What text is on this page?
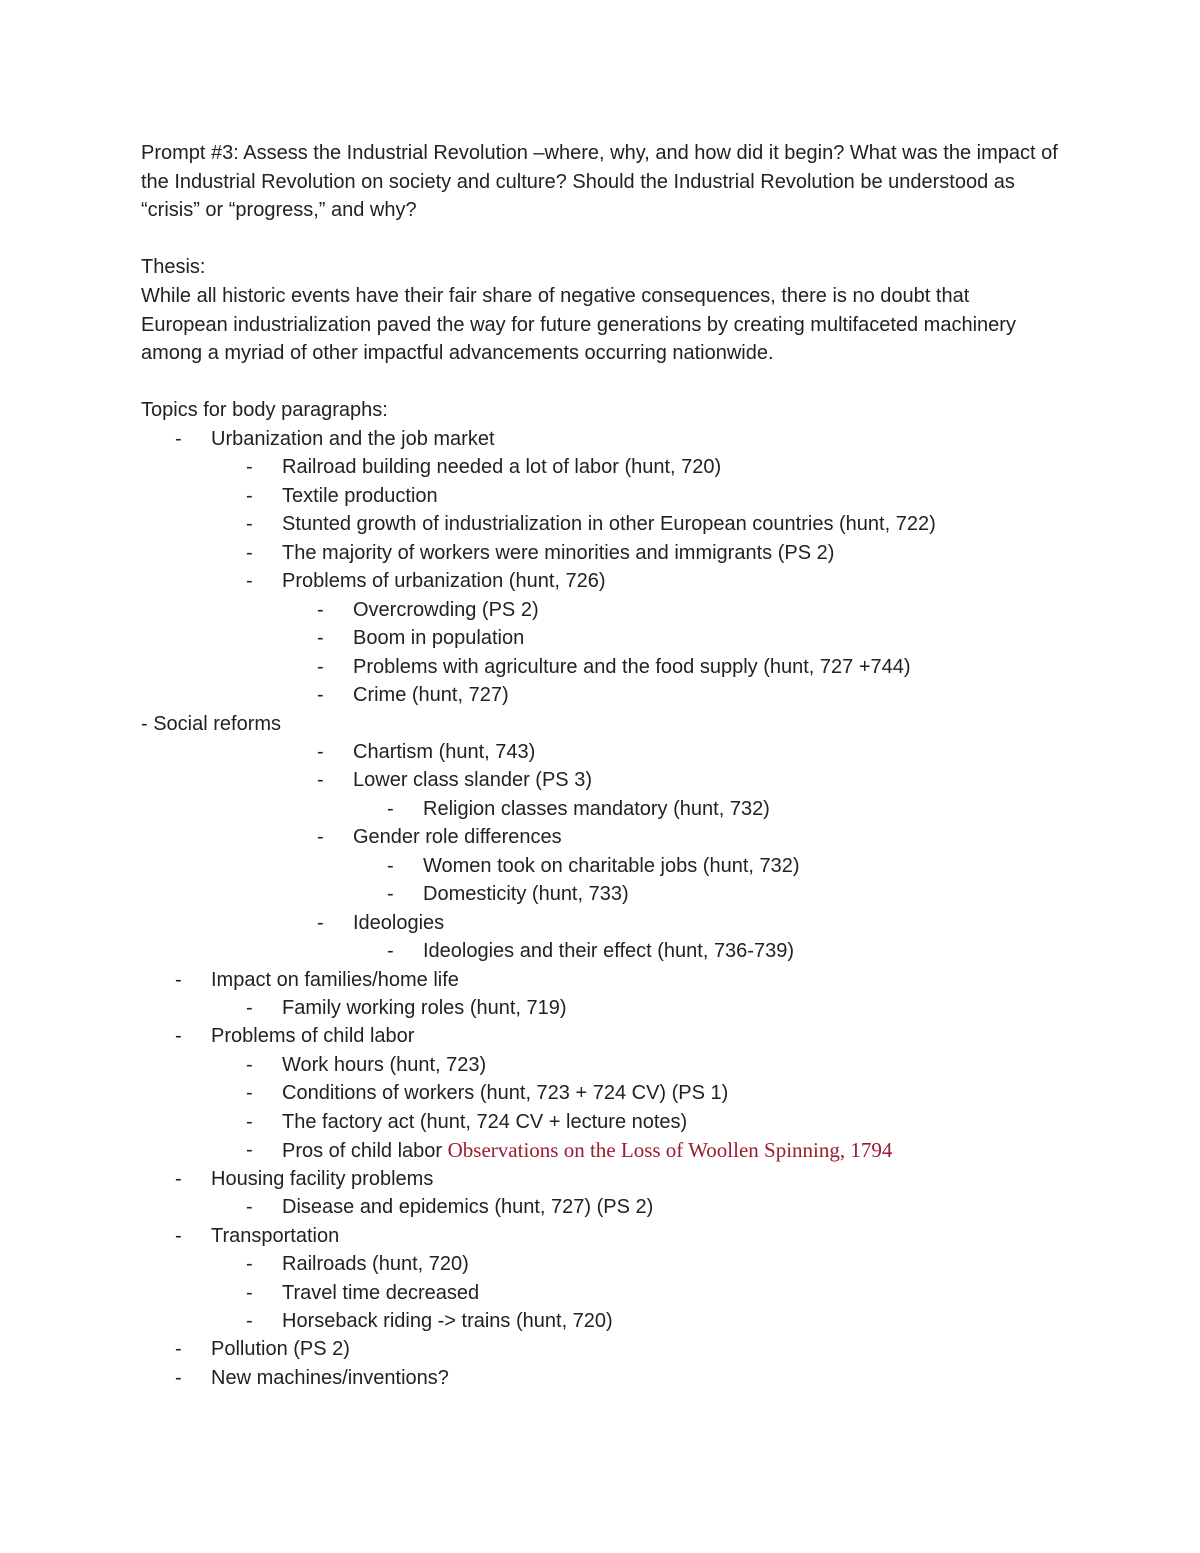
Prompt #3: Assess the Industrial Revolution –where, why, and how did it begin? What was the impact of the Industrial Revolution on society and culture? Should the Industrial Revolution be understood as “crisis” or “progress,” and why?

Thesis:

While all historic events have their fair share of negative consequences, there is no doubt that European industrialization paved the way for future generations by creating multifaceted machinery among a myriad of other impactful advancements occurring nationwide.

Topics for body paragraphs:

- Urbanization and the job market
- Railroad building needed a lot of labor (hunt, 720)
- Textile production
- Stunted growth of industrialization in other European countries (hunt, 722)
- The majority of workers were minorities and immigrants (PS 2)
- Problems of urbanization (hunt, 726)
- Overcrowding (PS 2)
- Boom in population
- Problems with agriculture and the food supply (hunt, 727 +744)
- Crime (hunt, 727)
- Social reforms
- Chartism (hunt, 743)
- Lower class slander (PS 3)
- Religion classes mandatory (hunt, 732)
- Gender role differences
- Women took on charitable jobs (hunt, 732)
- Domesticity (hunt, 733)
- Ideologies
- Ideologies and their effect (hunt, 736-739)
- Impact on families/home life
- Family working roles (hunt, 719)
- Problems of child labor
- Work hours (hunt, 723)
- Conditions of workers (hunt, 723 + 724 CV) (PS 1)
- The factory act (hunt, 724 CV + lecture notes)
- Pros of child labor Observations on the Loss of Woollen Spinning, 1794
- Housing facility problems
- Disease and epidemics (hunt, 727) (PS 2)
- Transportation
- Railroads (hunt, 720)
- Travel time decreased
- Horseback riding -> trains (hunt, 720)
- Pollution (PS 2)
- New machines/inventions?
